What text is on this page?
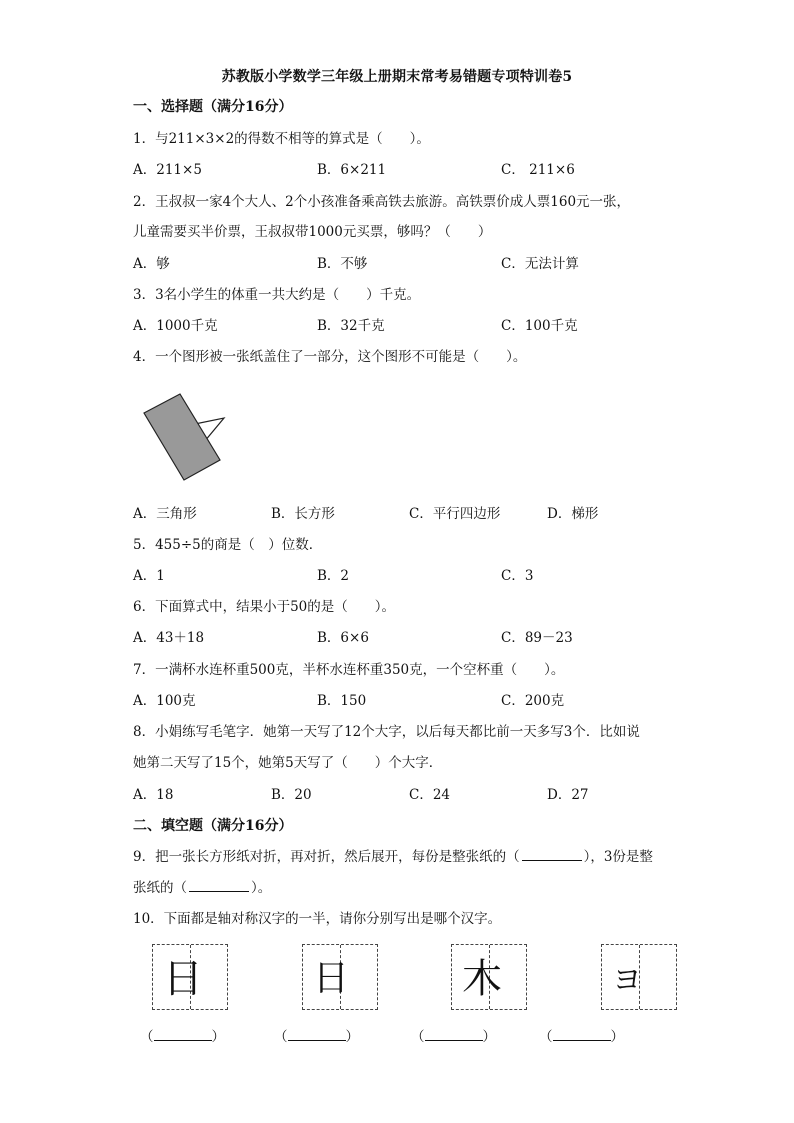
苏教版小学数学三年级上册期末常考易错题专项特训卷5
一、选择题（满分16分）
1．与211×3×2的得数不相等的算式是（　　）。
A．211×5	B．6×211	C． 211×6
2．王叔叔一家4个大人、2个小孩准备乘高铁去旅游。高铁票价成人票160元一张，
儿童需要买半价票，王叔叔带1000元买票，够吗？（　　）
A．够	B．不够	C．无法计算
3．3名小学生的体重一共大约是（　　）千克。
A．1000千克	B．32千克	C．100千克
4．一个图形被一张纸盖住了一部分，这个图形不可能是（　　）。
A．三角形	B．长方形	C．平行四边形	D．梯形
5．455÷5的商是（　）位数．
A．1	B．2	C．3
6．下面算式中，结果小于50的是（　　）。
A．43＋18	B．6×6	C．89－23
7．一满杯水连杯重500克，半杯水连杯重350克，一个空杯重（　　）。
A．100克	B．150	C．200克
8．小娟练写毛笔字．她第一天写了12个大字，以后每天都比前一天多写3个．比如说
她第二天写了15个，她第5天写了（　　）个大字．
A．18	B．20	C．24	D．27
二、填空题（满分16分）
9．把一张长方形纸对折，再对折，然后展开，每份是整张纸的（	），3份是整
张纸的（	）。
10．下面都是轴对称汉字的一半，请你分别写出是哪个汉字。
日	日	木	ヨ
（	）	（	）	（	）	（	）
